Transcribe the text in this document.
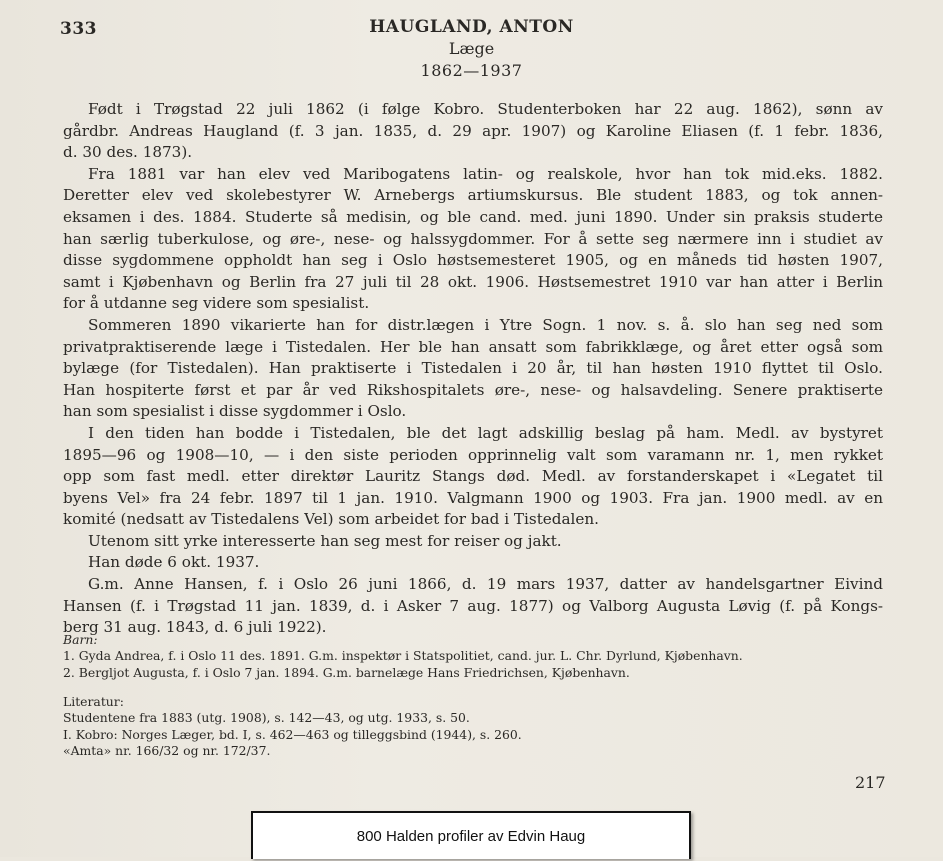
333	HAUGLAND, ANTON
Læge
1862—1937
Født i Trøgstad 22 juli 1862 (i følge Kobro. Studenterboken har 22 aug. 1862), sønn av
gårdbr. Andreas Haugland (f. 3 jan. 1835, d. 29 apr. 1907) og Karoline Eliasen (f. 1 febr. 1836,
d. 30 des. 1873).
Fra 1881 var han elev ved Maribogatens latin- og realskole, hvor han tok mid.eks. 1882.
Deretter elev ved skolebestyrer W. Arnebergs artiumskursus. Ble student 1883, og tok annen-
eksamen i des. 1884. Studerte så medisin, og ble cand. med. juni 1890. Under sin praksis studerte
han særlig tuberkulose, og øre-, nese- og halssygdommer. For å sette seg nærmere inn i studiet av
disse sygdommene oppholdt han seg i Oslo høstsemesteret 1905, og en måneds tid høsten 1907,
samt i Kjøbenhavn og Berlin fra 27 juli til 28 okt. 1906. Høstsemestret 1910 var han atter i Berlin
for å utdanne seg videre som spesialist.
Sommeren 1890 vikarierte han for distr.lægen i Ytre Sogn. 1 nov. s. å. slo han seg ned som
privatpraktiserende læge i Tistedalen. Her ble han ansatt som fabrikklæge, og året etter også som
bylæge (for Tistedalen). Han praktiserte i Tistedalen i 20 år, til han høsten 1910 flyttet til Oslo.
Han hospiterte først et par år ved Rikshospitalets øre-, nese- og halsavdeling. Senere praktiserte
han som spesialist i disse sygdommer i Oslo.
I den tiden han bodde i Tistedalen, ble det lagt adskillig beslag på ham. Medl. av bystyret
1895—96 og 1908—10, — i den siste perioden opprinnelig valt som varamann nr. 1, men rykket
opp som fast medl. etter direktør Lauritz Stangs død. Medl. av forstanderskapet i «Legatet til
byens Vel» fra 24 febr. 1897 til 1 jan. 1910. Valgmann 1900 og 1903. Fra jan. 1900 medl. av en
komité (nedsatt av Tistedalens Vel) som arbeidet for bad i Tistedalen.
Utenom sitt yrke interesserte han seg mest for reiser og jakt.
Han døde 6 okt. 1937.
G.m. Anne Hansen, f. i Oslo 26 juni 1866, d. 19 mars 1937, datter av handelsgartner Eivind
Hansen (f. i Trøgstad 11 jan. 1839, d. i Asker 7 aug. 1877) og Valborg Augusta Løvig (f. på Kongs-
berg 31 aug. 1843, d. 6 juli 1922).
Barn:
1. Gyda Andrea, f. i Oslo 11 des. 1891. G.m. inspektør i Statspolitiet, cand. jur. L. Chr. Dyrlund, Kjøbenhavn.
2. Bergljot Augusta, f. i Oslo 7 jan. 1894. G.m. barnelæge Hans Friedrichsen, Kjøbenhavn.
Literatur:
Studentene fra 1883 (utg. 1908), s. 142—43, og utg. 1933, s. 50.
I. Kobro: Norges Læger, bd. I, s. 462—463 og tilleggsbind (1944), s. 260.
«Amta» nr. 166/32 og nr. 172/37.
217
800 Halden profiler av Edvin Haug
